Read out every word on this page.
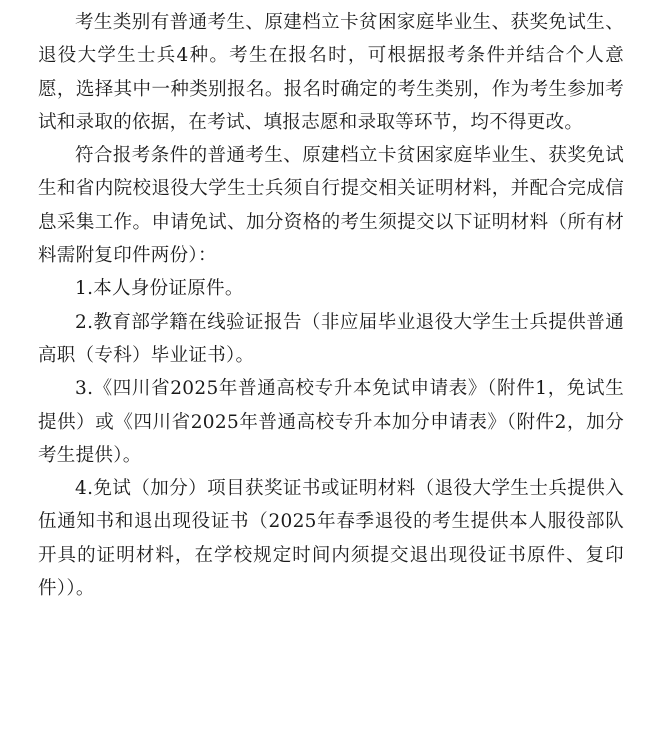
考生类别有普通考生、原建档立卡贫困家庭毕业生、获奖免试生、退役大学生士兵4种。考生在报名时，可根据报考条件并结合个人意愿，选择其中一种类别报名。报名时确定的考生类别，作为考生参加考试和录取的依据，在考试、填报志愿和录取等环节，均不得更改。

符合报考条件的普通考生、原建档立卡贫困家庭毕业生、获奖免试生和省内院校退役大学生士兵须自行提交相关证明材料，并配合完成信息采集工作。申请免试、加分资格的考生须提交以下证明材料（所有材料需附复印件两份）：

1.本人身份证原件。

2.教育部学籍在线验证报告（非应届毕业退役大学生士兵提供普通高职（专科）毕业证书）。

3.《四川省2025年普通高校专升本免试申请表》（附件1，免试生提供）或《四川省2025年普通高校专升本加分申请表》（附件2，加分考生提供）。

4.免试（加分）项目获奖证书或证明材料（退役大学生士兵提供入伍通知书和退出现役证书（2025年春季退役的考生提供本人服役部队开具的证明材料，在学校规定时间内须提交退出现役证书原件、复印件））。
